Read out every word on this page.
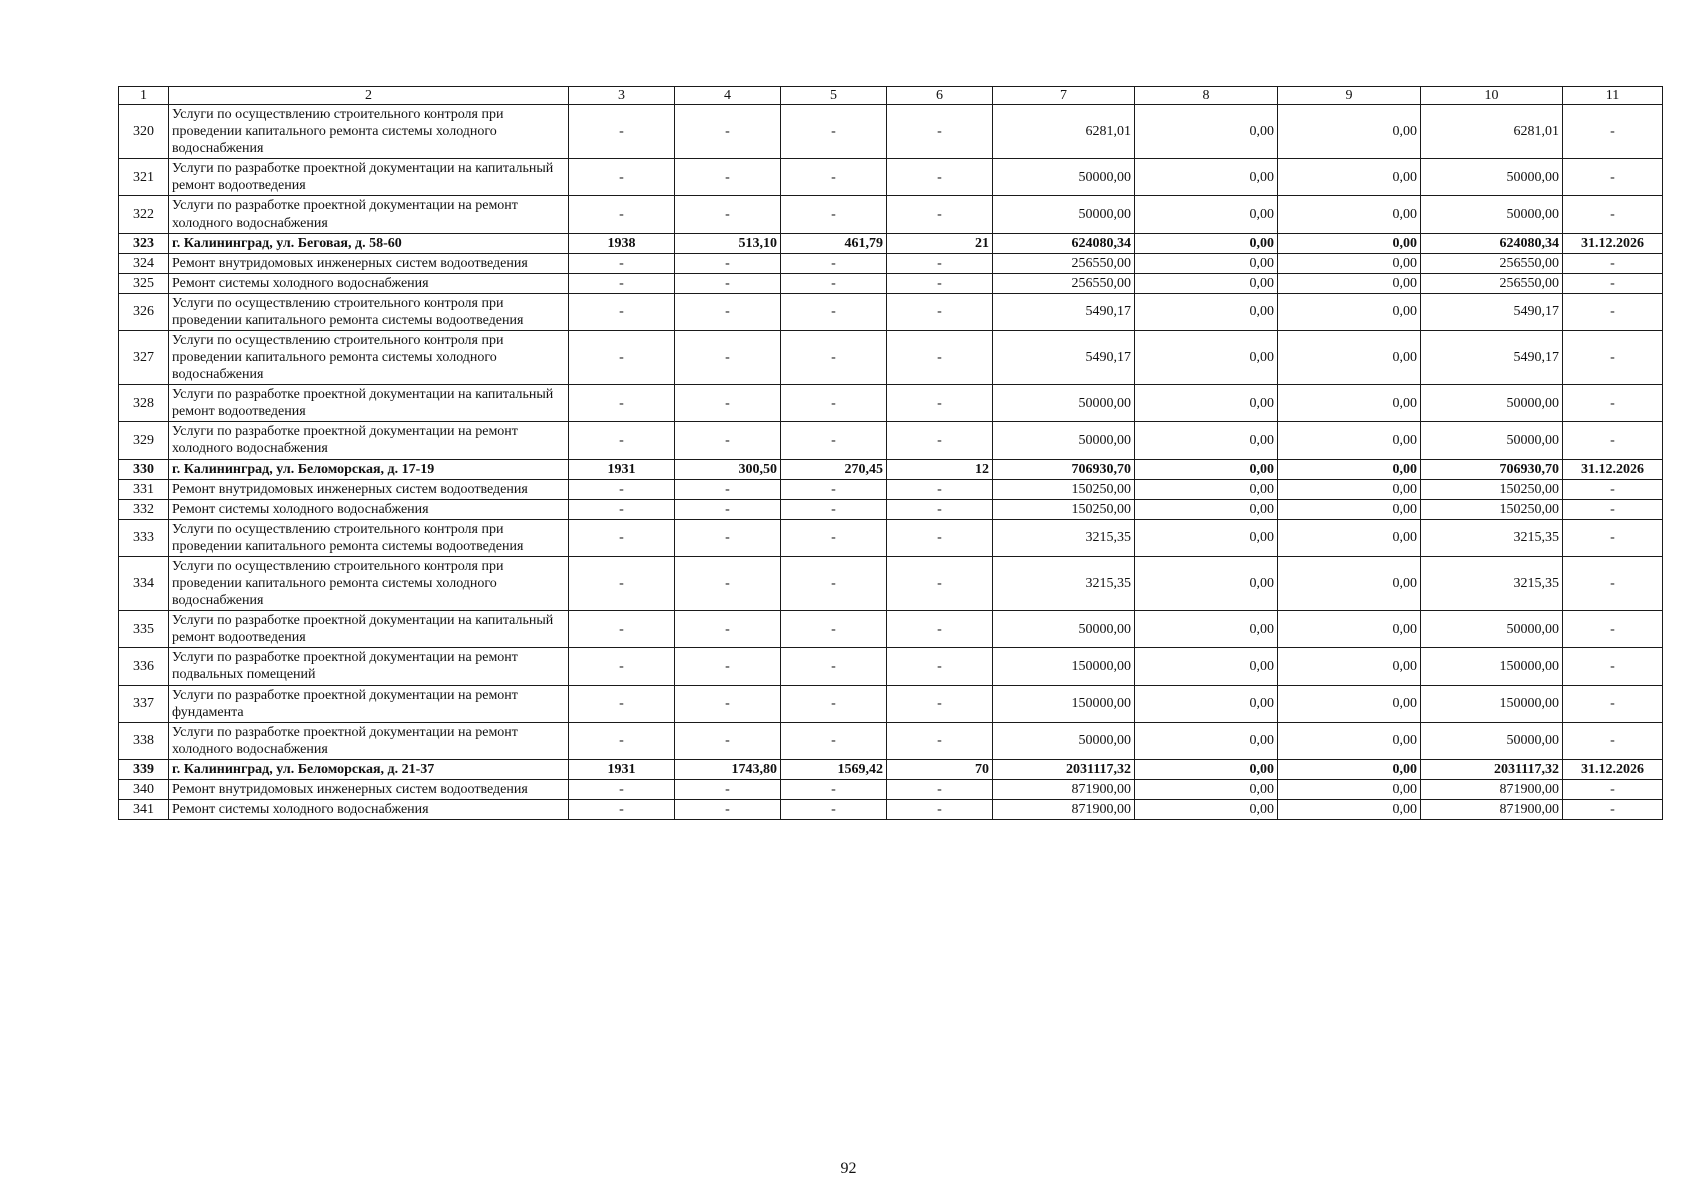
1	2	3	4	5	6	7	8	9	10	11
320	Услуги по осуществлению строительного контроля при проведении капитального ремонта системы холодного водоснабжения	-	-	-	-	6281,01	0,00	0,00	6281,01	-
321	Услуги по разработке проектной документации на капитальный ремонт водоотведения	-	-	-	-	50000,00	0,00	0,00	50000,00	-
322	Услуги по разработке проектной документации на ремонт холодного водоснабжения	-	-	-	-	50000,00	0,00	0,00	50000,00	-
323	г. Калининград, ул. Беговая, д. 58-60	1938	513,10	461,79	21	624080,34	0,00	0,00	624080,34	31.12.2026
324	Ремонт внутридомовых инженерных систем водоотведения	-	-	-	-	256550,00	0,00	0,00	256550,00	-
325	Ремонт системы холодного водоснабжения	-	-	-	-	256550,00	0,00	0,00	256550,00	-
326	Услуги по осуществлению строительного контроля при проведении капитального ремонта системы водоотведения	-	-	-	-	5490,17	0,00	0,00	5490,17	-
327	Услуги по осуществлению строительного контроля при проведении капитального ремонта системы холодного водоснабжения	-	-	-	-	5490,17	0,00	0,00	5490,17	-
328	Услуги по разработке проектной документации на капитальный ремонт водоотведения	-	-	-	-	50000,00	0,00	0,00	50000,00	-
329	Услуги по разработке проектной документации на ремонт холодного водоснабжения	-	-	-	-	50000,00	0,00	0,00	50000,00	-
330	г. Калининград, ул. Беломорская, д. 17-19	1931	300,50	270,45	12	706930,70	0,00	0,00	706930,70	31.12.2026
331	Ремонт внутридомовых инженерных систем водоотведения	-	-	-	-	150250,00	0,00	0,00	150250,00	-
332	Ремонт системы холодного водоснабжения	-	-	-	-	150250,00	0,00	0,00	150250,00	-
333	Услуги по осуществлению строительного контроля при проведении капитального ремонта системы водоотведения	-	-	-	-	3215,35	0,00	0,00	3215,35	-
334	Услуги по осуществлению строительного контроля при проведении капитального ремонта системы холодного водоснабжения	-	-	-	-	3215,35	0,00	0,00	3215,35	-
335	Услуги по разработке проектной документации на капитальный ремонт водоотведения	-	-	-	-	50000,00	0,00	0,00	50000,00	-
336	Услуги по разработке проектной документации на ремонт подвальных помещений	-	-	-	-	150000,00	0,00	0,00	150000,00	-
337	Услуги по разработке проектной документации на ремонт фундамента	-	-	-	-	150000,00	0,00	0,00	150000,00	-
338	Услуги по разработке проектной документации на ремонт холодного водоснабжения	-	-	-	-	50000,00	0,00	0,00	50000,00	-
339	г. Калининград, ул. Беломорская, д. 21-37	1931	1743,80	1569,42	70	2031117,32	0,00	0,00	2031117,32	31.12.2026
340	Ремонт внутридомовых инженерных систем водоотведения	-	-	-	-	871900,00	0,00	0,00	871900,00	-
341	Ремонт системы холодного водоснабжения	-	-	-	-	871900,00	0,00	0,00	871900,00	-
92
